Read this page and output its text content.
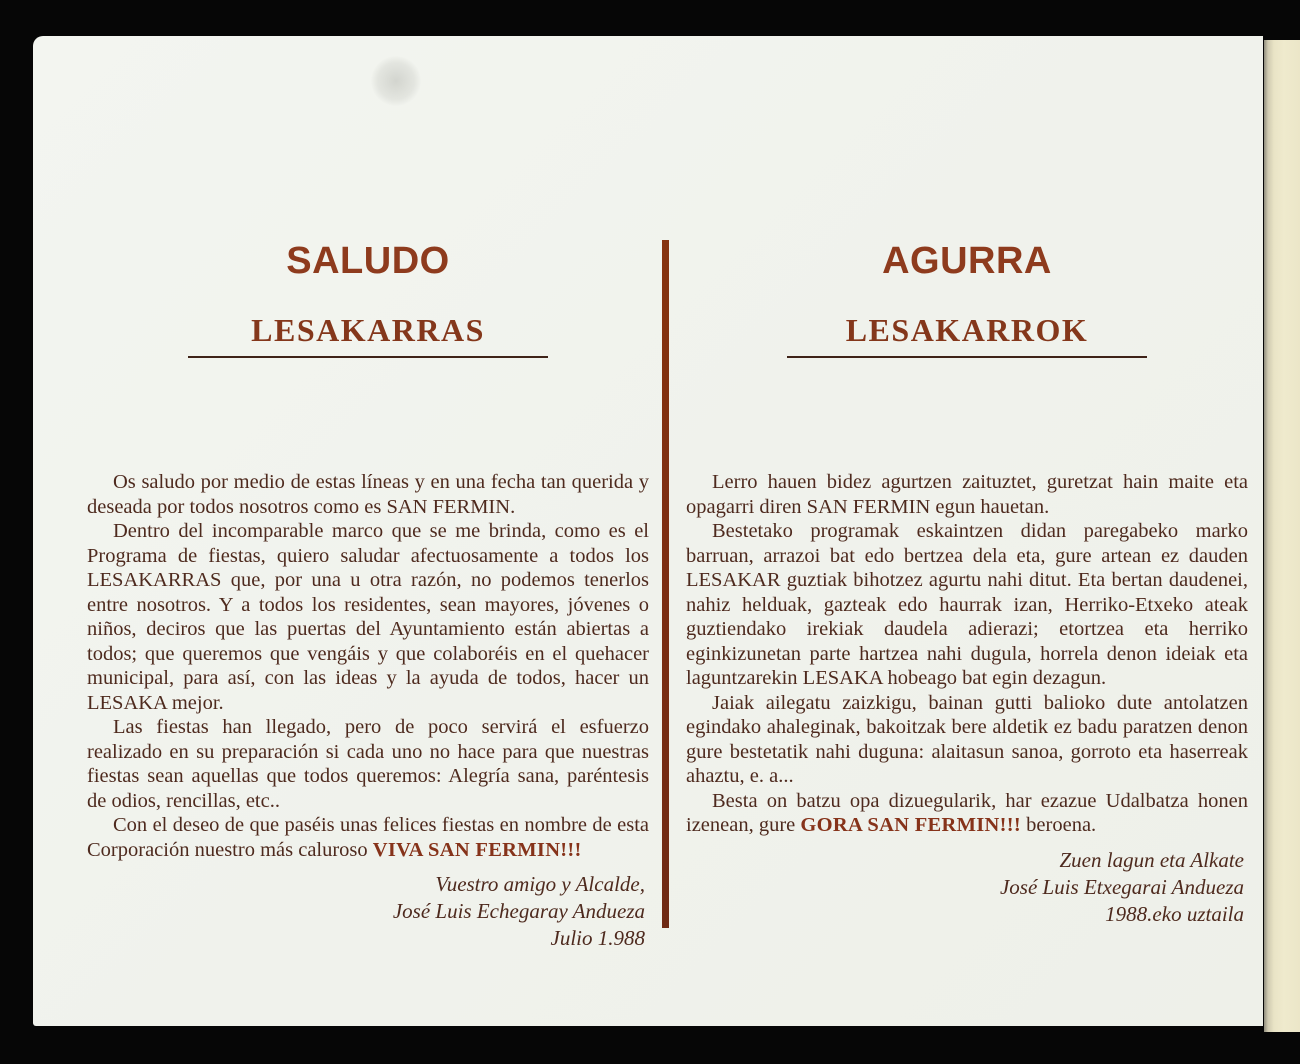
SALUDO
LESAKARRAS

Os saludo por medio de estas líneas y en una fecha tan querida y deseada por todos nosotros como es SAN FERMIN.

Dentro del incomparable marco que se me brinda, como es el Programa de fiestas, quiero saludar afectuosamente a todos los LESAKARRAS que, por una u otra razón, no podemos tenerlos entre nosotros. Y a todos los residentes, sean mayores, jóvenes o niños, deciros que las puertas del Ayuntamiento están abiertas a todos; que queremos que vengáis y que colaboréis en el quehacer municipal, para así, con las ideas y la ayuda de todos, hacer un LESAKA mejor.

Las fiestas han llegado, pero de poco servirá el esfuerzo realizado en su preparación si cada uno no hace para que nuestras fiestas sean aquellas que todos queremos: Alegría sana, paréntesis de odios, rencillas, etc..

Con el deseo de que paséis unas felices fiestas en nombre de esta Corporación nuestro más caluroso VIVA SAN FERMIN!!!

Vuestro amigo y Alcalde,
José Luis Echegaray Andueza
Julio 1.988
AGURRA
LESAKARROK

Lerro hauen bidez agurtzen zaituztet, guretzat hain maite eta opagarri diren SAN FERMIN egun hauetan.

Bestetako programak eskaintzen didan paregabeko marko barruan, arrazoi bat edo bertzea dela eta, gure artean ez dauden LESAKAR guztiak bihotzez agurtu nahi ditut. Eta bertan daudenei, nahiz helduak, gazteak edo haurrak izan, Herriko-Etxeko ateak guztiendako irekiak daudela adierazi; etortzea eta herriko eginkizunetan parte hartzea nahi dugula, horrela denon ideiak eta laguntzarekin LESAKA hobeago bat egin dezagun.

Jaiak ailegatu zaizkigu, bainan gutti balioko dute antolatzen egindako ahaleginak, bakoitzak bere aldetik ez badu paratzen denon gure bestetatik nahi duguna: alaitasun sanoa, gorroto eta haserreak ahaztu, e. a...

Besta on batzu opa dizuegularik, har ezazue Udalbatza honen izenean, gure GORA SAN FERMIN!!! beroena.

Zuen lagun eta Alkate
José Luis Etxegarai Andueza
1988.eko uztaila
